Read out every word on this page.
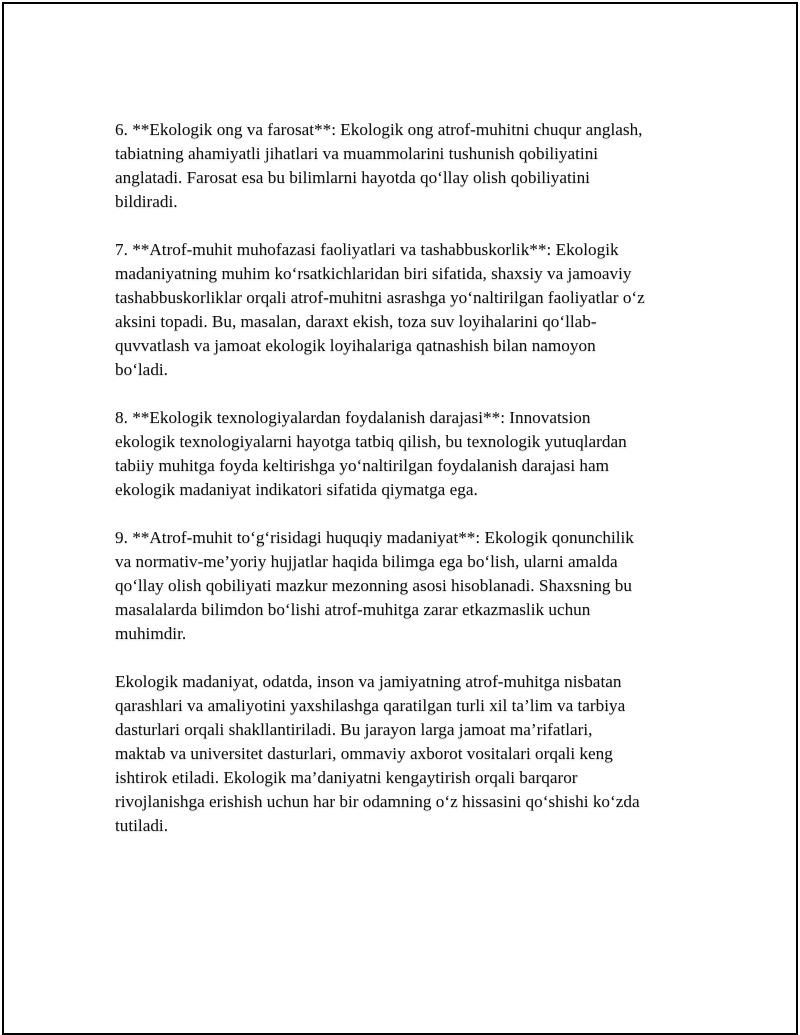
6. **Ekologik ong va farosat**: Ekologik ong atrof-muhitni chuqur anglash,
tabiatning ahamiyatli jihatlari va muammolarini tushunish qobiliyatini
anglatadi. Farosat esa bu bilimlarni hayotda qo‘llay olish qobiliyatini
bildiradi.

7. **Atrof-muhit muhofazasi faoliyatlari va tashabbuskorlik**: Ekologik
madaniyatning muhim ko‘rsatkichlaridan biri sifatida, shaxsiy va jamoaviy
tashabbuskorliklar orqali atrof-muhitni asrashga yo‘naltirilgan faoliyatlar o‘z
aksini topadi. Bu, masalan, daraxt ekish, toza suv loyihalarini qo‘llab-
quvvatlash va jamoat ekologik loyihalariga qatnashish bilan namoyon
bo‘ladi.

8. **Ekologik texnologiyalardan foydalanish darajasi**: Innovatsion
ekologik texnologiyalarni hayotga tatbiq qilish, bu texnologik yutuqlardan
tabiiy muhitga foyda keltirishga yo‘naltirilgan foydalanish darajasi ham
ekologik madaniyat indikatori sifatida qiymatga ega.

9. **Atrof-muhit to‘g‘risidagi huquqiy madaniyat**: Ekologik qonunchilik
va normativ-me’yoriy hujjatlar haqida bilimga ega bo‘lish, ularni amalda
qo‘llay olish qobiliyati mazkur mezonning asosi hisoblanadi. Shaxsning bu
masalalarda bilimdon bo‘lishi atrof-muhitga zarar etkazmaslik uchun
muhimdir.

Ekologik madaniyat, odatda, inson va jamiyatning atrof-muhitga nisbatan
qarashlari va amaliyotini yaxshilashga qaratilgan turli xil ta’lim va tarbiya
dasturlari orqali shakllantiriladi. Bu jarayon larga jamoat ma’rifatlari,
maktab va universitet dasturlari, ommaviy axborot vositalari orqali keng
ishtirok etiladi. Ekologik ma’daniyatni kengaytirish orqali barqaror
rivojlanishga erishish uchun har bir odamning o‘z hissasini qo‘shishi ko‘zda
tutiladi.
